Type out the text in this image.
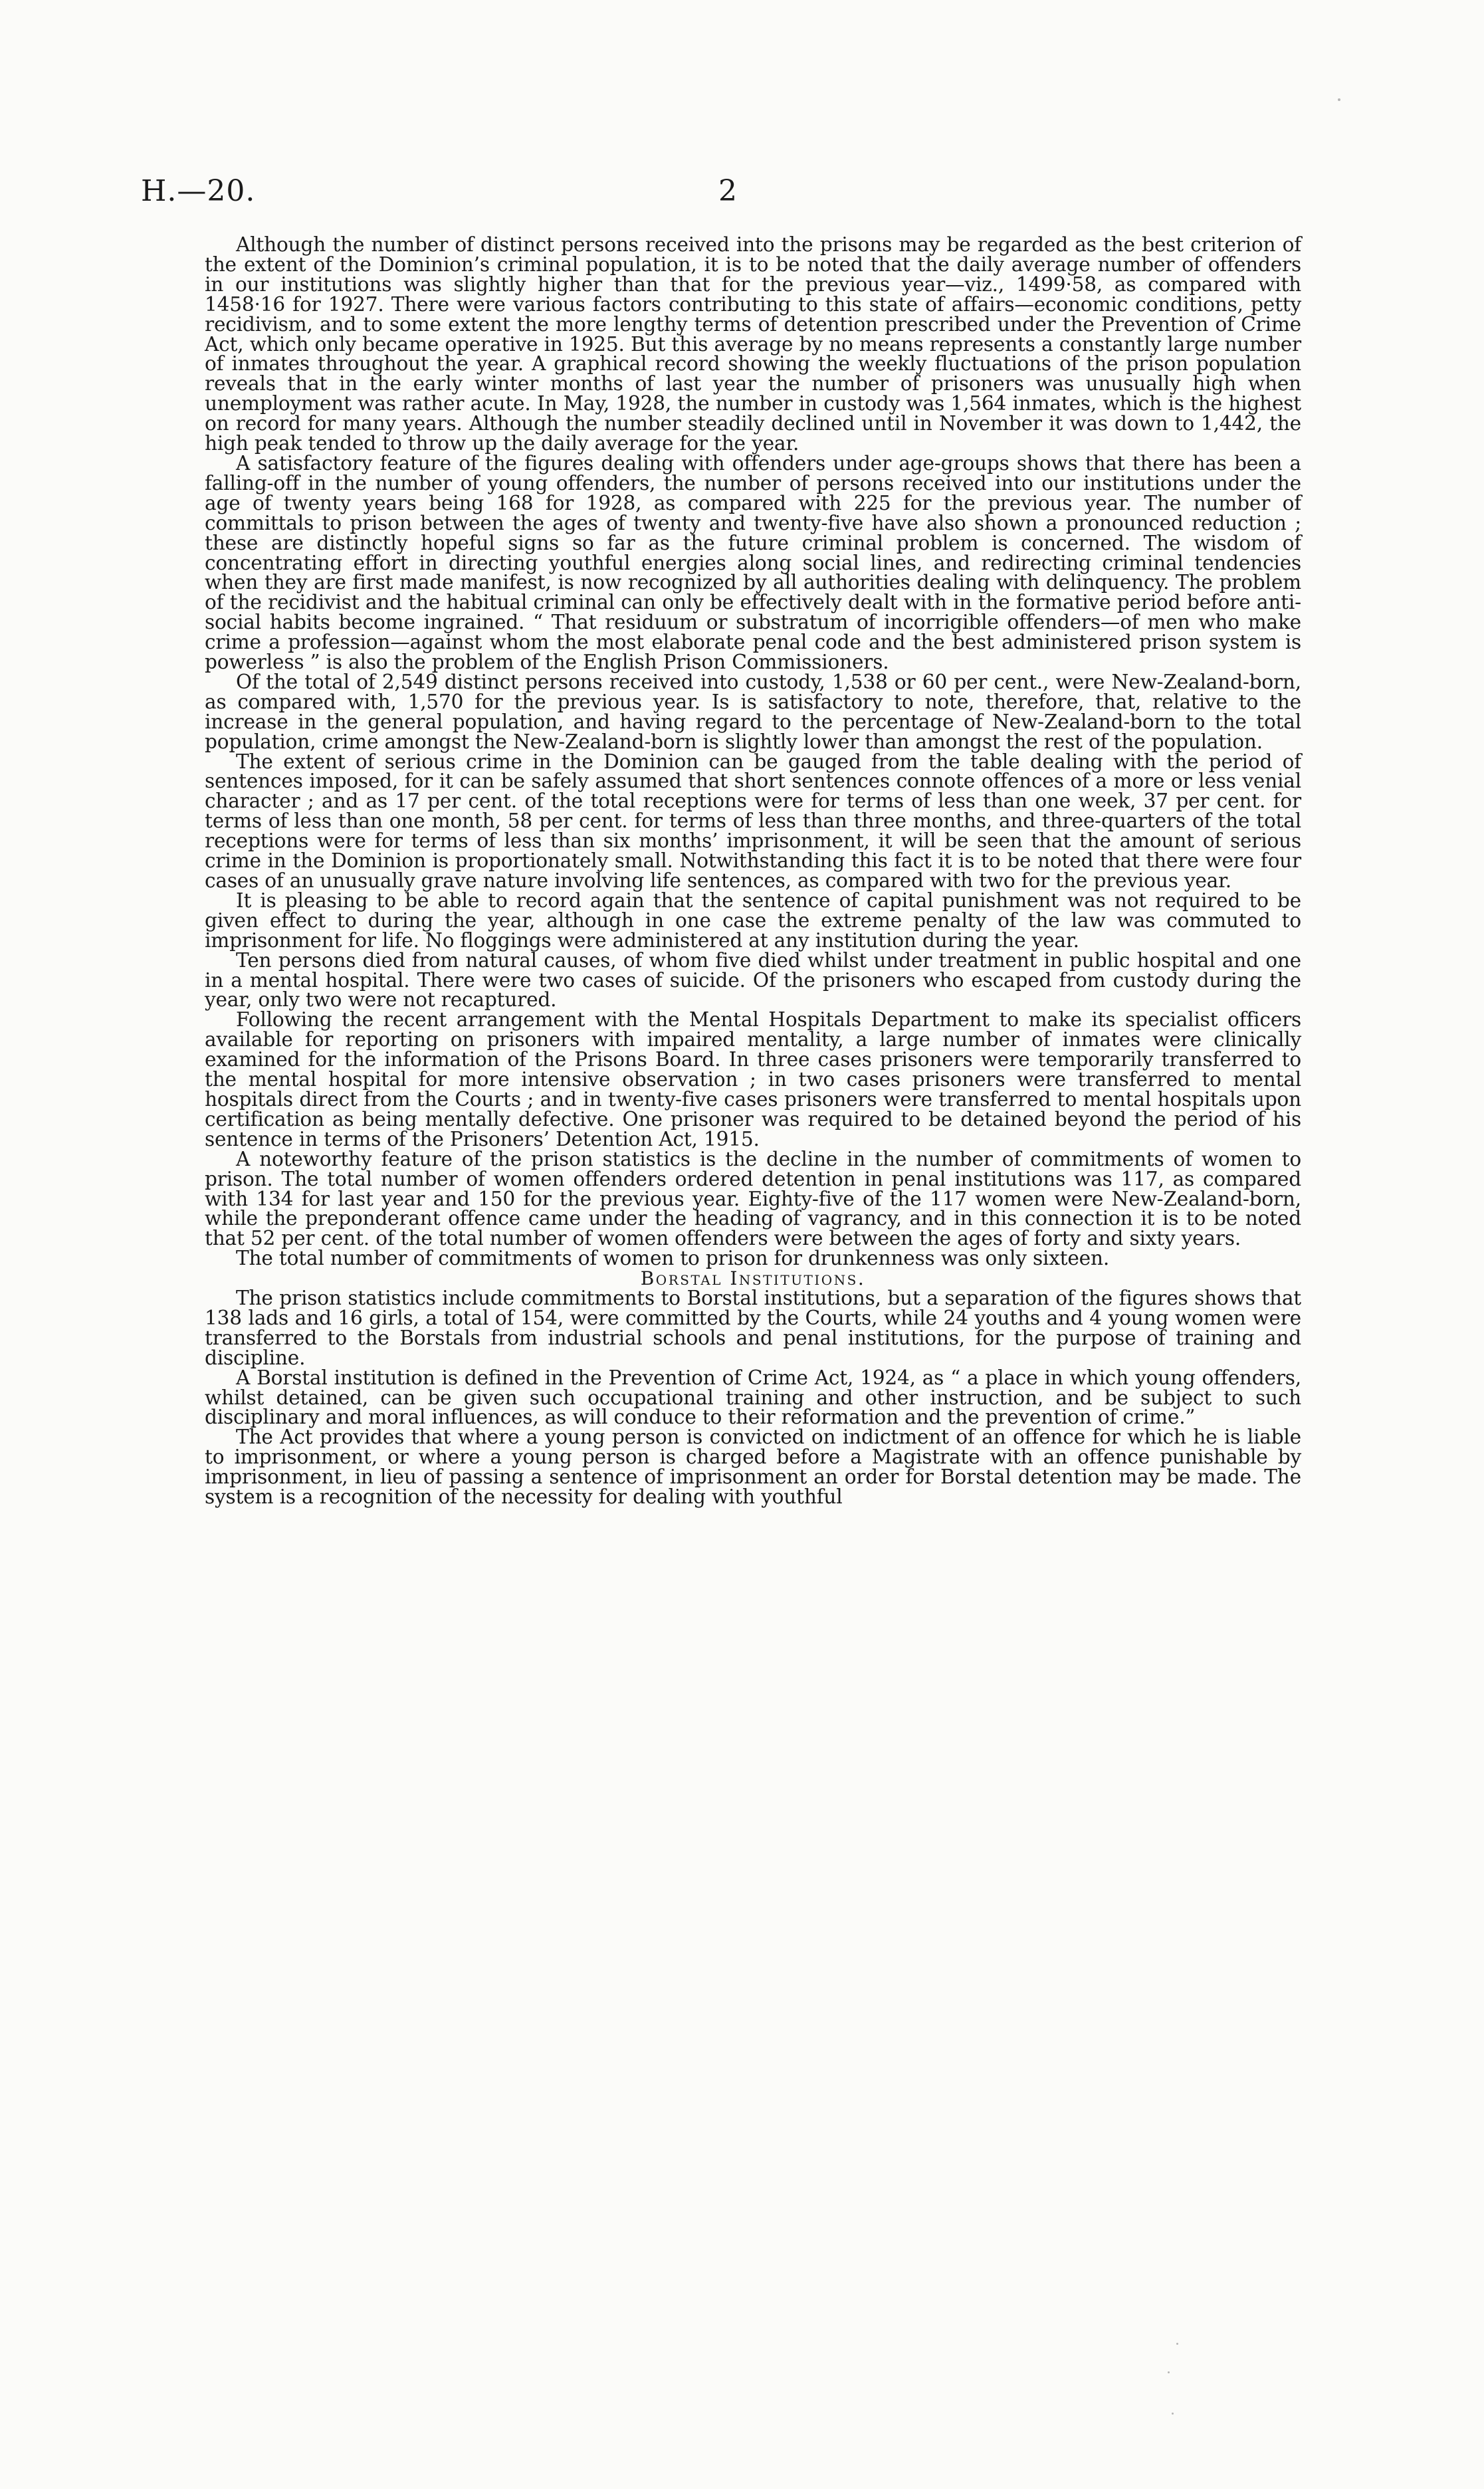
H.—20.	2

Although the number of distinct persons received into the prisons may be regarded as the best criterion of the extent of the Dominion’s criminal population, it is to be noted that the daily average number of offenders in our institutions was slightly higher than that for the previous year—viz., 1499·58, as compared with 1458·16 for 1927. There were various factors contributing to this state of affairs—economic conditions, petty recidivism, and to some extent the more lengthy terms of detention prescribed under the Prevention of Crime Act, which only became operative in 1925. But this average by no means represents a constantly large number of inmates throughout the year. A graphical record showing the weekly fluctuations of the prison population reveals that in the early winter months of last year the number of prisoners was unusually high when unemployment was rather acute. In May, 1928, the number in custody was 1,564 inmates, which is the highest on record for many years. Although the number steadily declined until in November it was down to 1,442, the high peak tended to throw up the daily average for the year.

A satisfactory feature of the figures dealing with offenders under age-groups shows that there has been a falling-off in the number of young offenders, the number of persons received into our institutions under the age of twenty years being 168 for 1928, as compared with 225 for the previous year. The number of committals to prison between the ages of twenty and twenty-five have also shown a pronounced reduction ; these are distinctly hopeful signs so far as the future criminal problem is concerned. The wisdom of concentrating effort in directing youthful energies along social lines, and redirecting criminal tendencies when they are first made manifest, is now recognized by all authorities dealing with delinquency. The problem of the recidivist and the habitual criminal can only be effectively dealt with in the formative period before anti-social habits become ingrained. “ That residuum or substratum of incorrigible offenders—of men who make crime a profession—against whom the most elaborate penal code and the best administered prison system is powerless ” is also the problem of the English Prison Commissioners.

Of the total of 2,549 distinct persons received into custody, 1,538 or 60 per cent., were New-Zealand-born, as compared with, 1,570 for the previous year. Is is satisfactory to note, therefore, that, relative to the increase in the general population, and having regard to the percentage of New-Zealand-born to the total population, crime amongst the New-Zealand-born is slightly lower than amongst the rest of the population.

The extent of serious crime in the Dominion can be gauged from the table dealing with the period of sentences imposed, for it can be safely assumed that short sentences connote offences of a more or less venial character ; and as 17 per cent. of the total receptions were for terms of less than one week, 37 per cent. for terms of less than one month, 58 per cent. for terms of less than three months, and three-quarters of the total receptions were for terms of less than six months’ imprisonment, it will be seen that the amount of serious crime in the Dominion is proportionately small. Notwithstanding this fact it is to be noted that there were four cases of an unusually grave nature involving life sentences, as compared with two for the previous year.

It is pleasing to be able to record again that the sentence of capital punishment was not required to be given effect to during the year, although in one case the extreme penalty of the law was commuted to imprisonment for life. No floggings were administered at any institution during the year.

Ten persons died from natural causes, of whom five died whilst under treatment in public hospital and one in a mental hospital. There were two cases of suicide. Of the prisoners who escaped from custody during the year, only two were not recaptured.

Following the recent arrangement with the Mental Hospitals Department to make its specialist officers available for reporting on prisoners with impaired mentality, a large number of inmates were clinically examined for the information of the Prisons Board. In three cases prisoners were temporarily transferred to the mental hospital for more intensive observation ; in two cases prisoners were transferred to mental hospitals direct from the Courts ; and in twenty-five cases prisoners were transferred to mental hospitals upon certification as being mentally defective. One prisoner was required to be detained beyond the period of his sentence in terms of the Prisoners’ Detention Act, 1915.

A noteworthy feature of the prison statistics is the decline in the number of commitments of women to prison. The total number of women offenders ordered detention in penal institutions was 117, as compared with 134 for last year and 150 for the previous year. Eighty-five of the 117 women were New-Zealand-born, while the preponderant offence came under the heading of vagrancy, and in this connection it is to be noted that 52 per cent. of the total number of women offenders were between the ages of forty and sixty years.

The total number of commitments of women to prison for drunkenness was only sixteen.

Borstal Institutions.

The prison statistics include commitments to Borstal institutions, but a separation of the figures shows that 138 lads and 16 girls, a total of 154, were committed by the Courts, while 24 youths and 4 young women were transferred to the Borstals from industrial schools and penal institutions, for the purpose of training and discipline.

A Borstal institution is defined in the Prevention of Crime Act, 1924, as “ a place in which young offenders, whilst detained, can be given such occupational training and other instruction, and be subject to such disciplinary and moral influences, as will conduce to their reformation and the prevention of crime.”

The Act provides that where a young person is convicted on indictment of an offence for which he is liable to imprisonment, or where a young person is charged before a Magistrate with an offence punishable by imprisonment, in lieu of passing a sentence of imprisonment an order for Borstal detention may be made. The system is a recognition of the necessity for dealing with youthful
